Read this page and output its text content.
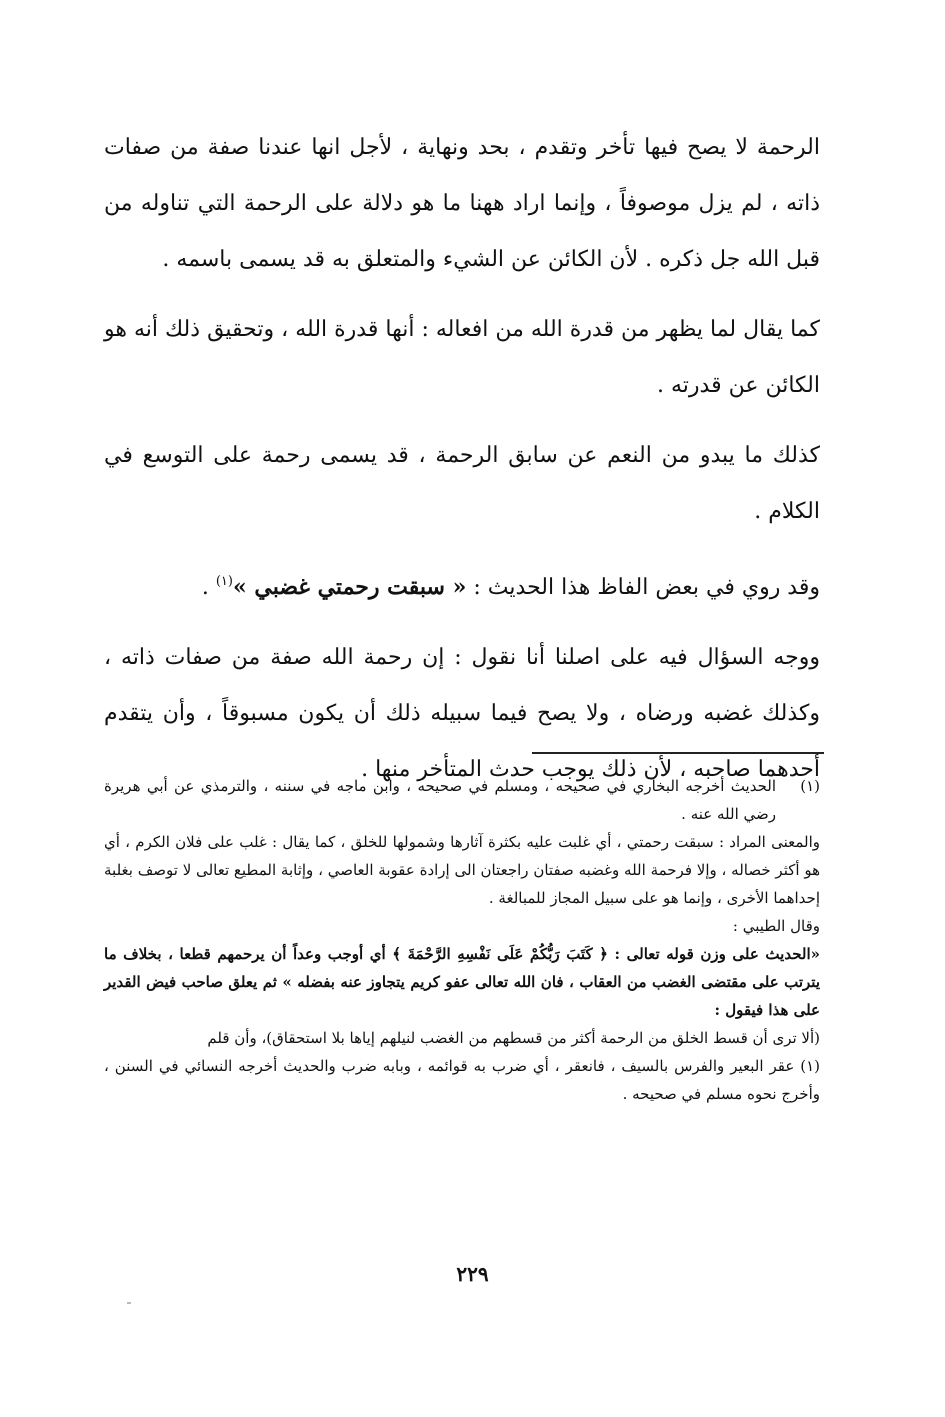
الرحمة لا يصح فيها تأخر وتقدم ، بحد ونهاية ، لأجل انها عندنا صفة من صفات ذاته ، لم يزل موصوفاً ، وإنما اراد ههنا ما هو دلالة على الرحمة التي تناوله من قبل الله جل ذكره . لأن الكائن عن الشيء والمتعلق به قد يسمى باسمه .

كما يقال لما يظهر من قدرة الله من افعاله : أنها قدرة الله ، وتحقيق ذلك أنه هو الكائن عن قدرته .

كذلك ما يبدو من النعم عن سابق الرحمة ، قد يسمى رحمة على التوسع في الكلام .

وقد روي في بعض الفاظ هذا الحديث : « سبقت رحمتي غضبي »$^{(١)}$ .

ووجه السؤال فيه على اصلنا أنا نقول : إن رحمة الله صفة من صفات ذاته ، وكذلك غضبه ورضاه ، ولا يصح فيما سبيله ذلك أن يكون مسبوقاً ، وأن يتقدم أحدهما صاحبه ، لأن ذلك يوجب حدث المتأخر منها .

(١)
الحديث أخرجه البخاري في صحيحه ، ومسلم في صحيحه ، وابن ماجه في سننه ، والترمذي عن أبي هريرة رضي الله عنه .

والمعنى المراد : سبقت رحمتي ، أي غلبت عليه بكثرة آثارها وشمولها للخلق ، كما يقال : غلب على فلان الكرم ، أي هو أكثر خصاله ، وإلا فرحمة الله وغضبه صفتان راجعتان الى إرادة عقوبة العاصي ، وإثابة المطيع تعالى لا توصف بغلبة إحداهما الأخرى ، وإنما هو على سبيل المجاز للمبالغة .

وقال الطيبي :

«الحديث على وزن قوله تعالى : ﴿ كَتَبَ رَبُّكُمْ عَلَى نَفْسِهِ الرَّحْمَةَ ﴾ أي أوجب وعداً أن يرحمهم قطعا ، بخلاف ما يترتب على مقتضى الغضب من العقاب ، فان الله تعالى عفو كريم يتجاوز عنه بفضله » ثم يعلق صاحب فيض القدير على هذا فيقول :

(ألا ترى أن قسط الخلق من الرحمة أكثر من قسطهم من الغضب لنيلهم إياها بلا استحقاق)، وأن قلم

(١) عقر البعير والفرس بالسيف ، فانعقر ، أي ضرب به قوائمه ، وبابه ضرب والحديث أخرجه النسائي في السنن ، وأخرج نحوه مسلم في صحيحه .

٢٢٩
